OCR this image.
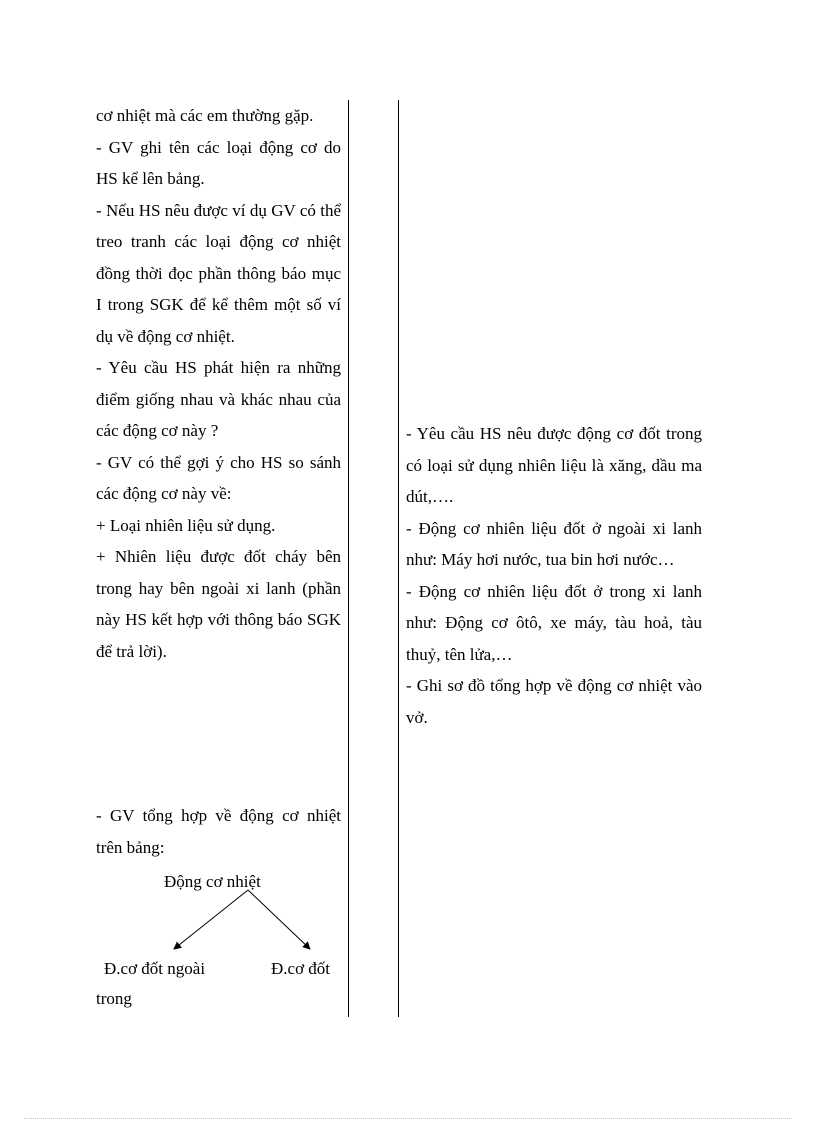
cơ nhiệt mà các em thường gặp.

- GV ghi tên các loại động cơ do HS kể lên bảng.

- Nếu HS nêu được ví dụ GV có thể treo tranh các loại động cơ nhiệt đồng thời đọc phần thông báo mục I trong SGK để kể thêm một số ví dụ về động cơ nhiệt.

- Yêu cầu HS phát hiện ra những điểm giống nhau và khác nhau của các động cơ này ?

- GV có thể gợi ý cho HS so sánh các động cơ này về:

+ Loại nhiên liệu sử dụng.

+ Nhiên liệu được đốt cháy bên trong hay bên ngoài xi lanh (phần này HS kết hợp với thông báo SGK để trả lời).

- GV tổng hợp về động cơ nhiệt trên bảng:

Động cơ nhiệt

Đ.cơ đốt ngoài	Đ.cơ đốt

trong

- Yêu cầu HS nêu được động cơ đốt trong có loại sử dụng nhiên liệu là xăng, dầu ma dút,….

- Động cơ nhiên liệu đốt ở ngoài xi lanh như: Máy hơi nước, tua bin hơi nước…

- Động cơ nhiên liệu đốt ở trong xi lanh như: Động cơ ôtô, xe máy, tàu hoả, tàu thuỷ, tên lửa,…

- Ghi sơ đồ tổng hợp về động cơ nhiệt vào vở.
